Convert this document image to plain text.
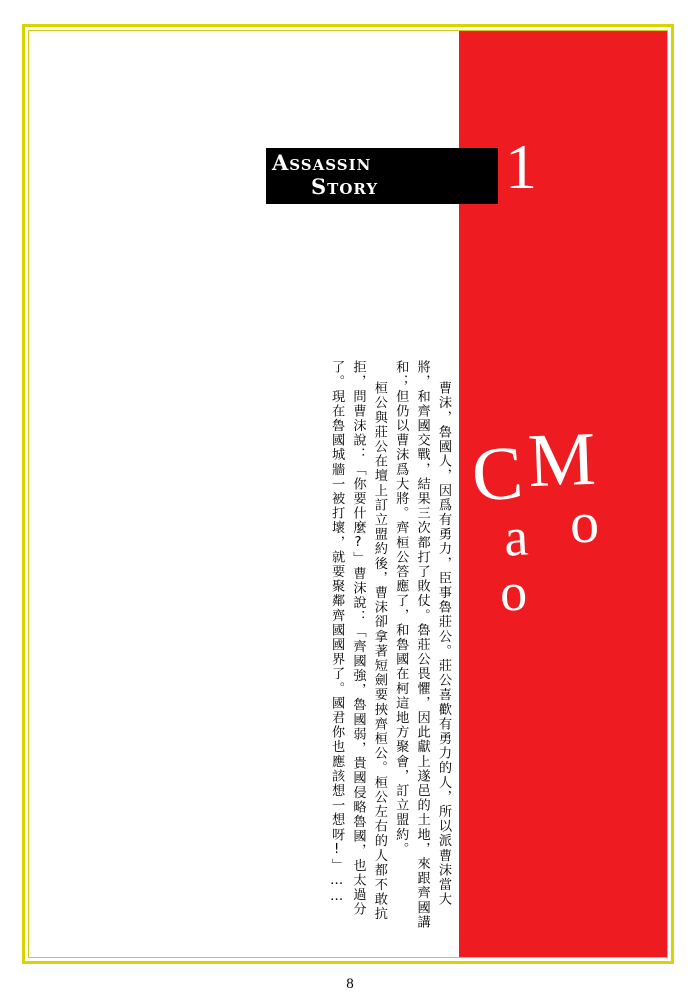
Assassin
Story 1
C
a
o
M
o

曹沫，魯國人，因爲有勇力，臣事魯莊公。莊公喜歡有勇力的人，所以派曹沫當大將，和齊國交戰，結果三次都打了敗仗。魯莊公畏懼，因此獻上遂邑的土地，來跟齊國講和；但仍以曹沫爲大將。齊桓公答應了，和魯國在柯這地方聚會，訂立盟約。

桓公與莊公在壇上訂立盟約後，曹沫卻拿著短劍要挾齊桓公。桓公左右的人都不敢抗拒，問曹沫說：「你要什麼?」曹沫說：「齊國強，魯國弱，貴國侵略魯國，也太過分了。現在魯國城牆一被打壞，就要聚鄰齊國國界了。國君你也應該想一想呀!」……

8
